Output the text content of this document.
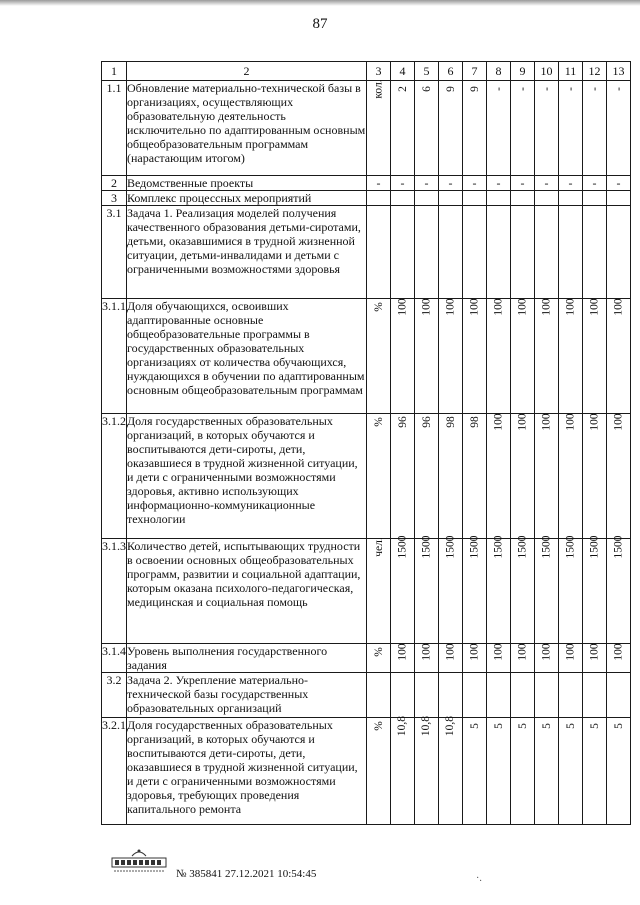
87
1	2	3	4	5	6	7	8	9	10	11	12	13
1.1	Обновление материально-технической базы в организациях, осуществляющих образовательную деятельность исключительно по адаптированным основным общеобразовательным программам (нарастающим итогом)	кол.	2	6	9	9	-	-	-	-	-	-
2	Ведомственные проекты	-	-	-	-	-	-	-	-	-	-	-
3	Комплекс процессных мероприятий											
3.1	Задача 1. Реализация моделей получения качественного образования детьми-сиротами, детьми, оказавшимися в трудной жизненной ситуации, детьми-инвалидами и детьми с ограниченными возможностями здоровья											
3.1.1	Доля обучающихся, освоивших адаптированные основные общеобразовательные программы в государственных образовательных организациях от количества обучающихся, нуждающихся в обучении по адаптированным основным общеобразовательным программам	%	100	100	100	100	100	100	100	100	100	100
3.1.2	Доля государственных образовательных организаций, в которых обучаются и воспитываются дети-сироты, дети, оказавшиеся в трудной жизненной ситуации, и дети с ограниченными возможностями здоровья, активно использующих информационно-коммуникационные технологии	%	96	96	98	98	100	100	100	100	100	100
3.1.3	Количество детей, испытывающих трудности в освоении основных общеобразовательных программ, развитии и социальной адаптации, которым оказана психолого-педагогическая, медицинская и социальная помощь	чел.	1500	1500	1500	1500	1500	1500	1500	1500	1500	1500
3.1.4	Уровень выполнения государственного задания	%	100	100	100	100	100	100	100	100	100	100
3.2	Задача 2. Укрепление материально-технической базы государственных образовательных организаций											
3.2.1	Доля государственных образовательных организаций, в которых обучаются и воспитываются дети-сироты, дети, оказавшиеся в трудной жизненной ситуации, и дети с ограниченными возможностями здоровья, требующих проведения капитального ремонта	%	10,8	10,8	10,8	5	5	5	5	5	5	5
№ 385841 27.12.2021 10:54:45	·.
